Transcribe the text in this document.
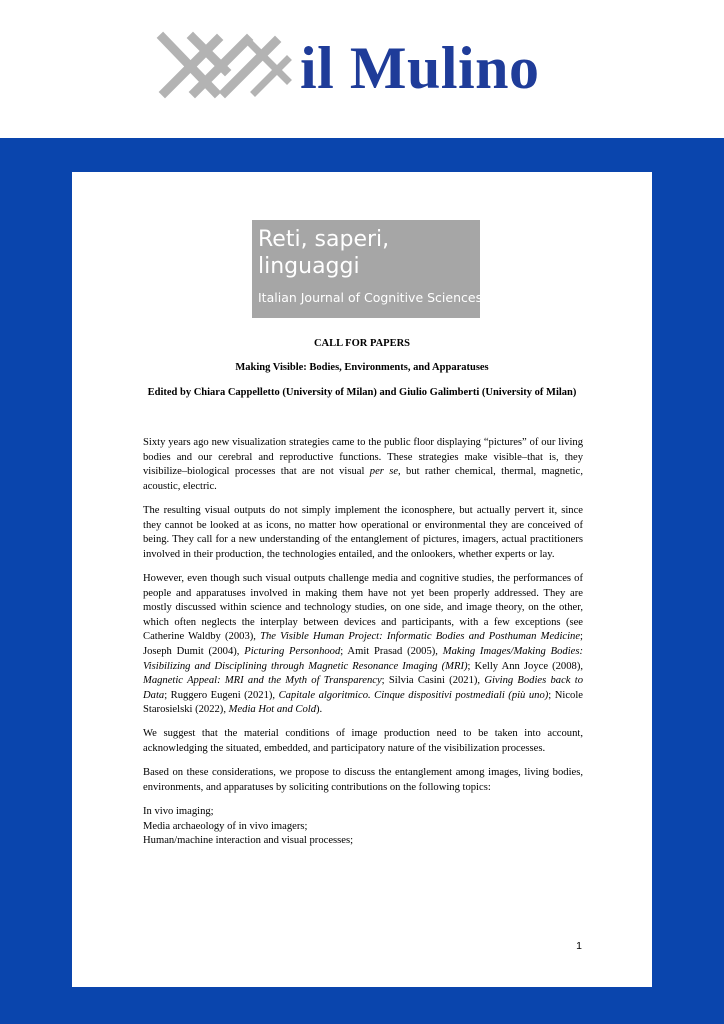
il Mulino
Reti, saperi,
linguaggi
Italian Journal of Cognitive Sciences
CALL FOR PAPERS
Making Visible: Bodies, Environments, and Apparatuses
Edited by Chiara Cappelletto (University of Milan) and Giulio Galimberti (University of Milan)

Sixty years ago new visualization strategies came to the public floor displaying “pictures” of our living bodies and our cerebral and reproductive functions. These strategies make visible–that is, they visibilize–biological processes that are not visual per se, but rather chemical, thermal, magnetic, acoustic, electric.

The resulting visual outputs do not simply implement the iconosphere, but actually pervert it, since they cannot be looked at as icons, no matter how operational or environmental they are conceived of being. They call for a new understanding of the entanglement of pictures, imagers, actual practitioners involved in their production, the technologies entailed, and the onlookers, whether experts or lay.

However, even though such visual outputs challenge media and cognitive studies, the performances of people and apparatuses involved in making them have not yet been properly addressed. They are mostly discussed within science and technology studies, on one side, and image theory, on the other, which often neglects the interplay between devices and participants, with a few exceptions (see Catherine Waldby (2003), The Visible Human Project: Informatic Bodies and Posthuman Medicine; Joseph Dumit (2004), Picturing Personhood; Amit Prasad (2005), Making Images/Making Bodies: Visibilizing and Disciplining through Magnetic Resonance Imaging (MRI); Kelly Ann Joyce (2008), Magnetic Appeal: MRI and the Myth of Transparency; Silvia Casini (2021), Giving Bodies back to Data; Ruggero Eugeni (2021), Capitale algoritmico. Cinque dispositivi postmediali (più uno); Nicole Starosielski (2022), Media Hot and Cold).

We suggest that the material conditions of image production need to be taken into account, acknowledging the situated, embedded, and participatory nature of the visibilization processes.

Based on these considerations, we propose to discuss the entanglement among images, living bodies, environments, and apparatuses by soliciting contributions on the following topics:

In vivo imaging;

Media archaeology of in vivo imagers;

Human/machine interaction and visual processes;

1
